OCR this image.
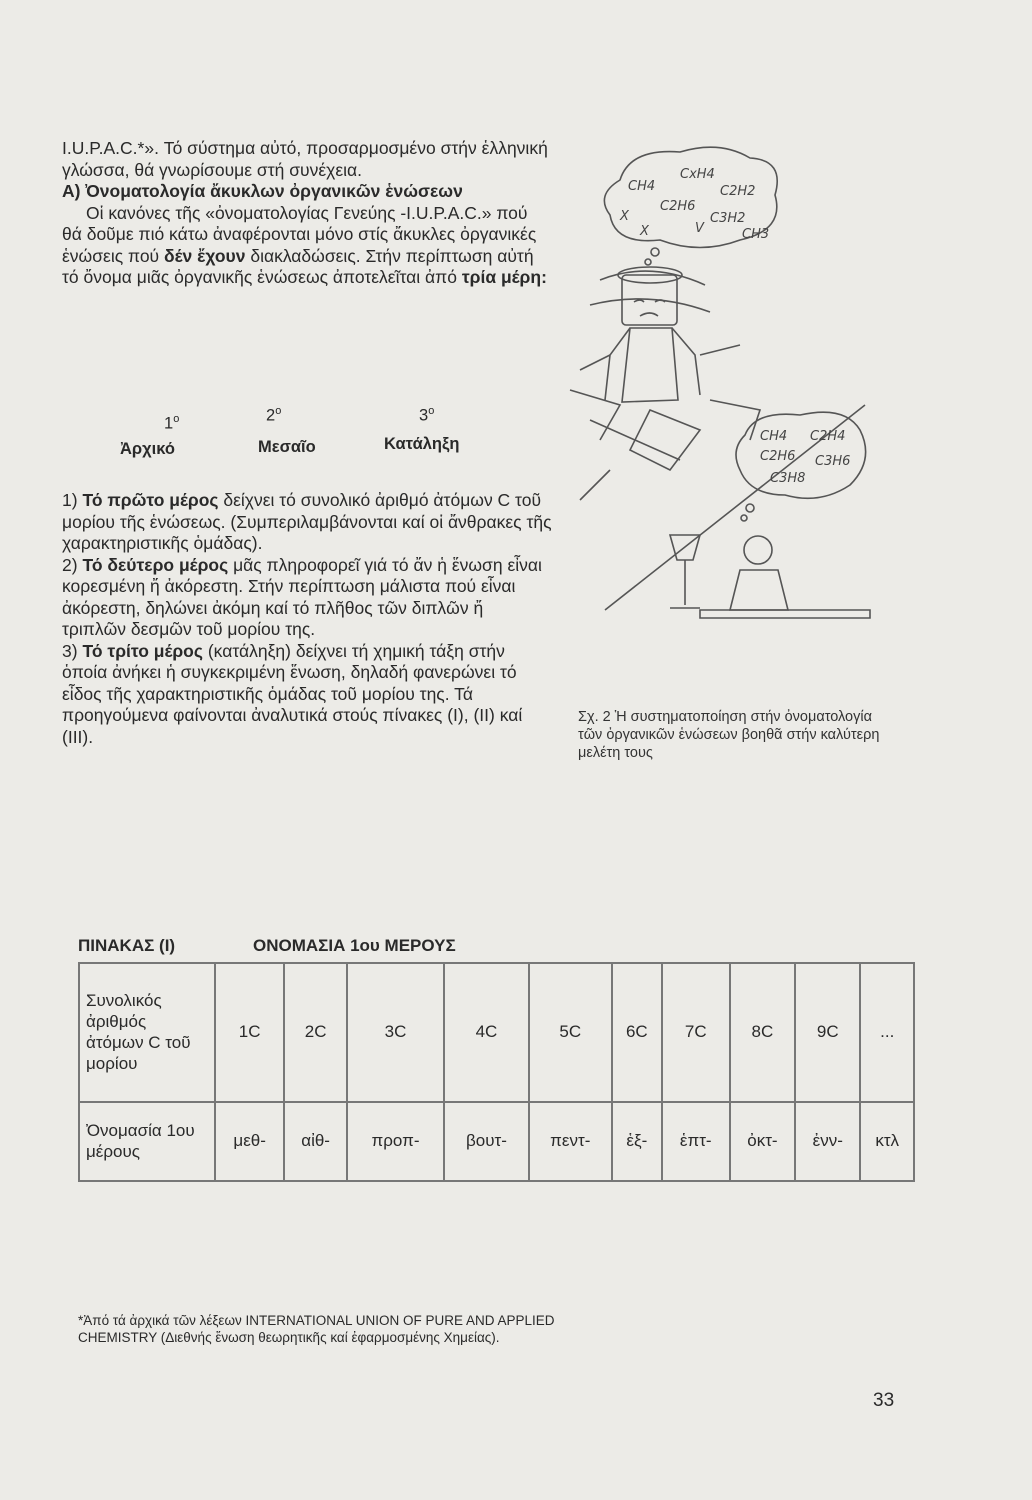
I.U.P.A.C.*». Τό σύστημα αὐτό, προσαρμοσμένο στήν ἑλληνική γλώσσα, θά γνωρίσουμε στή συνέχεια.

Α) Ὀνοματολογία ἄκυκλων ὀργανικῶν ἑνώσεων

Οἱ κανόνες τῆς «ὀνοματολογίας Γενεύης -I.U.P.A.C.» πού θά δοῦμε πιό κάτω ἀναφέρονται μόνο στίς ἄκυκλες ὀργανικές ἑνώσεις πού δέν ἔχουν διακλαδώσεις. Στήν περίπτωση αὐτή τό ὄνομα μιᾶς ὀργανικῆς ἑνώσεως ἀποτελεῖται ἀπό τρία μέρη:

$1^o$	$2^o$	$3^o$
Ἀρχικό	Μεσαῖο	Κατάληξη

1) Τό πρῶτο μέρος δείχνει τό συνολικό ἀριθμό ἀτόμων C τοῦ μορίου τῆς ἑνώσεως. (Συμπεριλαμβάνονται καί οἱ ἄνθρακες τῆς χαρακτηριστικῆς ὁμάδας).

2) Τό δεύτερο μέρος μᾶς πληροφορεῖ γιά τό ἄν ἡ ἕνωση εἶναι κορεσμένη ἤ ἀκόρεστη. Στήν περίπτωση μάλιστα πού εἶναι ἀκόρεστη, δηλώνει ἀκόμη καί τό πλῆθος τῶν διπλῶν ἤ τριπλῶν δεσμῶν τοῦ μορίου της.

3) Τό τρίτο μέρος (κατάληξη) δείχνει τή χημική τάξη στήν ὁποία ἀνήκει ἡ συγκεκριμένη ἕνωση, δηλαδή φανερώνει τό εἶδος τῆς χαρακτηριστικῆς ὁμάδας τοῦ μορίου της. Τά προηγούμενα φαίνονται ἀναλυτικά στούς πίνακες (I), (II) καί (III).

CH4
CxH4
C2H6
C2H2
C3H2
CH3
X
X	V
CH4 C2H4
C2H6 C3H6
C3H8
Σχ. 2 Ἡ συστηματοποίηση στήν ὀνοματολογία τῶν ὀργανικῶν ἑνώσεων βοηθᾶ στήν καλύτερη μελέτη τους
ΠΙΝΑΚΑΣ (I)	ΟΝΟΜΑΣΙΑ 1ου ΜΕΡΟΥΣ
Συνολικός ἀριθμός ἀτόμων C τοῦ μορίου	1C	2C	3C	4C	5C	6C	7C	8C	9C	...
Ὀνομασία 1ου μέρους	μεθ-	αἰθ-	προπ-	βουτ-	πεντ-	ἑξ-	ἑπτ-	ὀκτ-	ἐνν-	κτλ
*Ἀπό τά ἀρχικά τῶν λέξεων INTERNATIONAL UNION OF PURE AND APPLIED CHEMISTRY (Διεθνής ἕνωση θεωρητικῆς καί ἐφαρμοσμένης Χημείας).
33
